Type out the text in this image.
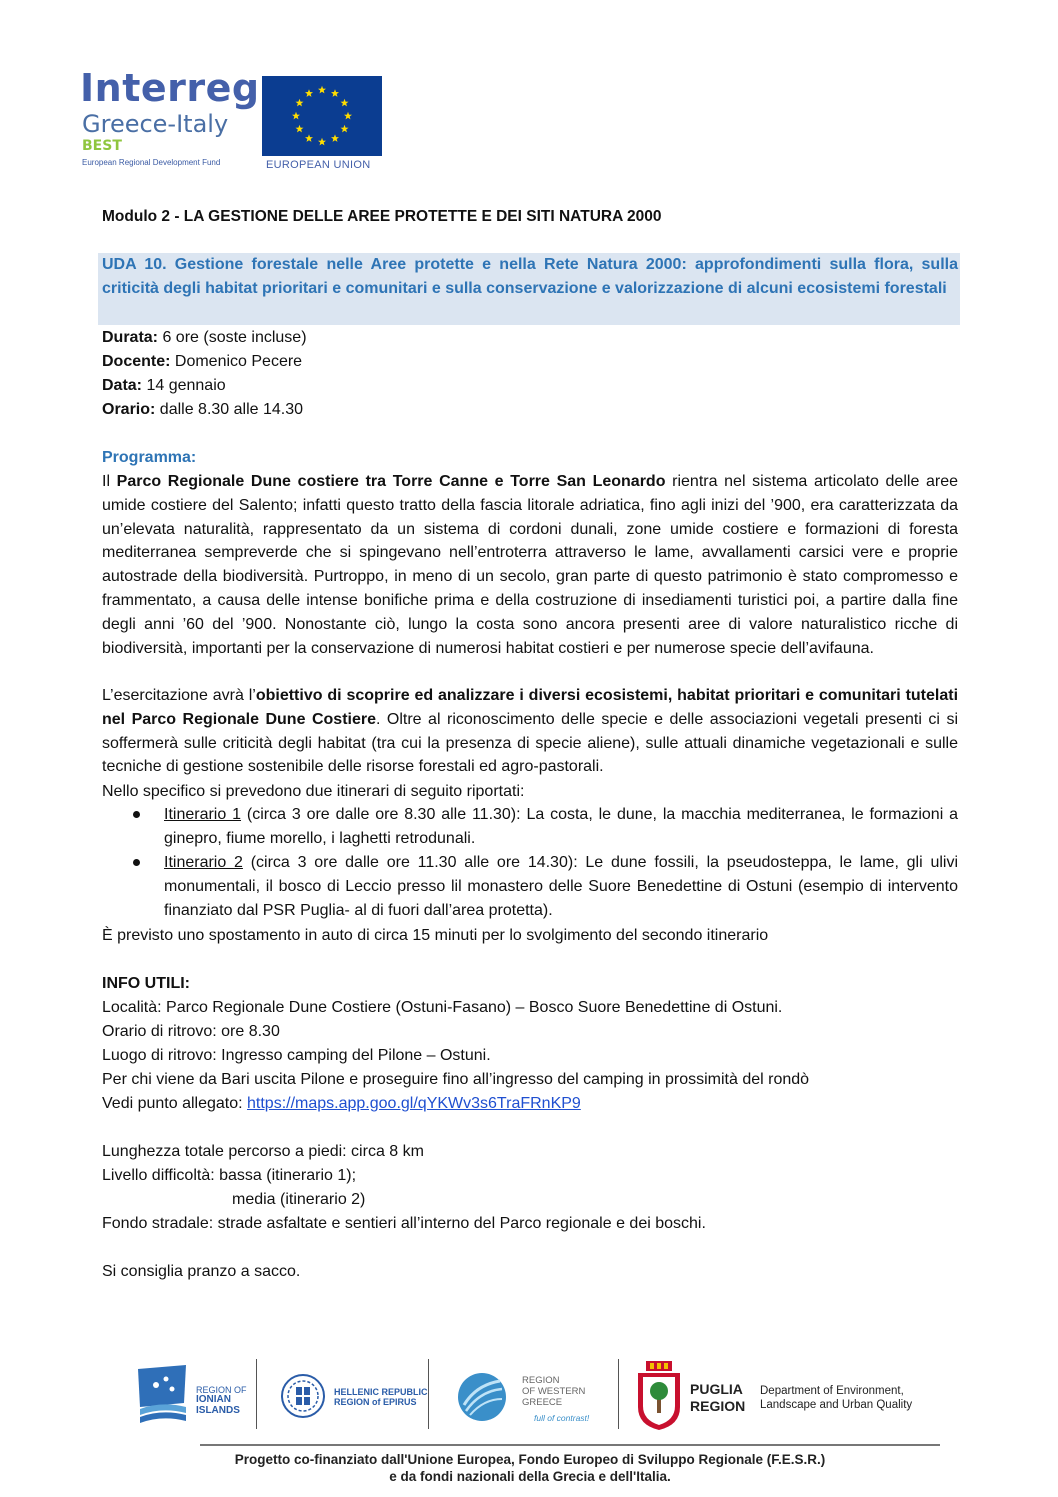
Interreg
Greece-Italy
BEST
European Regional Development Fund	EUROPEAN UNION
Modulo 2 - LA GESTIONE DELLE AREE PROTETTE E DEI SITI NATURA 2000
UDA 10. Gestione forestale nelle Aree protette e nella Rete Natura 2000: approfondimenti sulla flora, sulla criticità degli habitat prioritari e comunitari e sulla conservazione e valorizzazione di alcuni ecosistemi forestali
Durata: 6 ore (soste incluse)
Docente: Domenico Pecere
Data: 14 gennaio
Orario: dalle 8.30 alle 14.30
Programma:
Il Parco Regionale Dune costiere tra Torre Canne e Torre San Leonardo rientra nel sistema articolato delle aree umide costiere del Salento; infatti questo tratto della fascia litorale adriatica, fino agli inizi del ’900, era caratterizzata da un’elevata naturalità, rappresentato da un sistema di cordoni dunali, zone umide costiere e formazioni di foresta mediterranea sempreverde che si spingevano nell’entroterra attraverso le lame, avvallamenti carsici vere e proprie autostrade della biodiversità. Purtroppo, in meno di un secolo, gran parte di questo patrimonio è stato compromesso e frammentato, a causa delle intense bonifiche prima e della costruzione di insediamenti turistici poi, a partire dalla fine degli anni ’60 del ’900. Nonostante ciò, lungo la costa sono ancora presenti aree di valore naturalistico ricche di biodiversità, importanti per la conservazione di numerosi habitat costieri e per numerose specie dell’avifauna.
L’esercitazione avrà l’obiettivo di scoprire ed analizzare i diversi ecosistemi, habitat prioritari e comunitari tutelati nel Parco Regionale Dune Costiere. Oltre al riconoscimento delle specie e delle associazioni vegetali presenti ci si soffermerà sulle criticità degli habitat (tra cui la presenza di specie aliene), sulle attuali dinamiche vegetazionali e sulle tecniche di gestione sostenibile delle risorse forestali ed agro-pastorali.
Nello specifico si prevedono due itinerari di seguito riportati:
Itinerario 1 (circa 3 ore dalle ore 8.30 alle 11.30): La costa, le dune, la macchia mediterranea, le formazioni a ginepro, fiume morello, i laghetti retrodunali.
Itinerario 2 (circa 3 ore dalle ore 11.30 alle ore 14.30): Le dune fossili, la pseudosteppa, le lame, gli ulivi monumentali, il bosco di Leccio presso lil monastero delle Suore Benedettine di Ostuni (esempio di intervento finanziato dal PSR Puglia- al di fuori dall’area protetta).
È previsto uno spostamento in auto di circa 15 minuti per lo svolgimento del secondo itinerario
INFO UTILI:
Località: Parco Regionale Dune Costiere (Ostuni-Fasano) – Bosco Suore Benedettine di Ostuni.
Orario di ritrovo: ore 8.30
Luogo di ritrovo: Ingresso camping del Pilone – Ostuni.
Per chi viene da Bari uscita Pilone e proseguire fino all’ingresso del camping in prossimità del rondò
Vedi punto allegato: https://maps.app.goo.gl/qYKWv3s6TraFRnKP9
Lunghezza totale percorso a piedi: circa 8 km
Livello difficoltà: bassa (itinerario 1);
media (itinerario 2)
Fondo stradale: strade asfaltate e sentieri all’interno del Parco regionale e dei boschi.
Si consiglia pranzo a sacco.
REGION OF
IONIAN
ISLANDS
HELLENIC REPUBLIC
REGION of EPIRUS
REGION
OF WESTERN
GREECE
full of contrast!
PUGLIA
REGION
Department of Environment,
Landscape and Urban Quality
Progetto co-finanziato dall'Unione Europea, Fondo Europeo di Sviluppo Regionale (F.E.S.R.)
e da fondi nazionali della Grecia e dell'Italia.
